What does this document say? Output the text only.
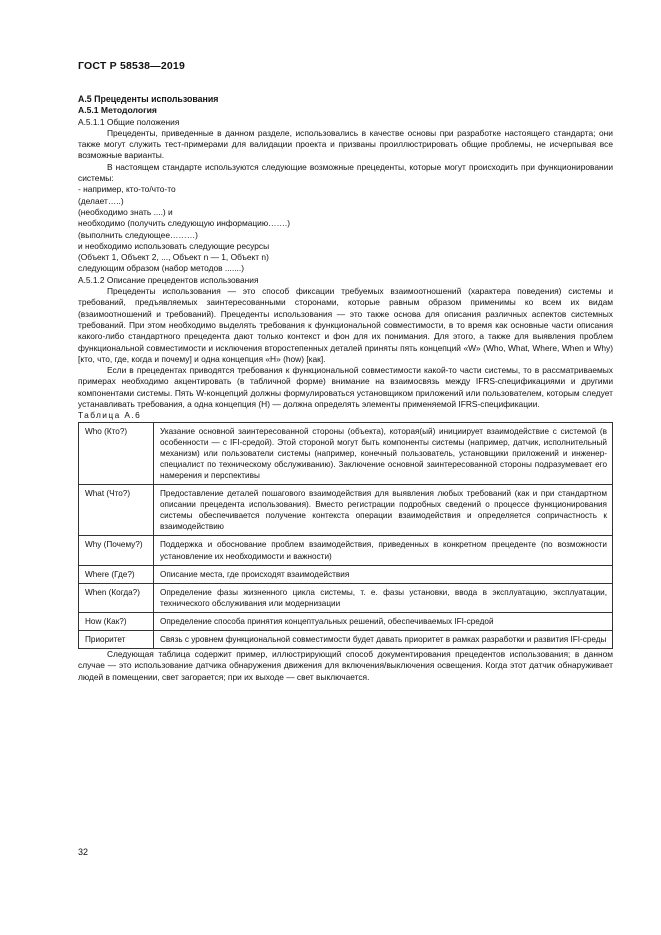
ГОСТ Р 58538—2019

А.5 Прецеденты использования

А.5.1 Методология

А.5.1.1 Общие положения

Прецеденты, приведенные в данном разделе, использовались в качестве основы при разработке настоящего стандарта; они также могут служить тест-примерами для валидации проекта и призваны проиллюстрировать общие проблемы, не исчерпывая все возможные варианты.

В настоящем стандарте используются следующие возможные прецеденты, которые могут происходить при функционировании системы:

- например, кто-то/что-то

(делает…..)

(необходимо знать ....) и

необходимо (получить следующую информацию…….)

(выполнить следующее………)

и необходимо использовать следующие ресурсы

(Объект 1, Объект 2, ..., Объект n — 1, Объект n)

следующим образом (набор методов .......)

А.5.1.2 Описание прецедентов использования

Прецеденты использования — это способ фиксации требуемых взаимоотношений (характера поведения) системы и требований, предъявляемых заинтересованными сторонами, которые равным образом применимы ко всем их видам (взаимоотношений и требований). Прецеденты использования — это также основа для описания различных аспектов системных требований. При этом необходимо выделять требования к функциональной совместимости, в то время как основные части описания какого-либо стандартного прецедента дают только контекст и фон для их понимания. Для этого, а также для выявления проблем функциональной совместимости и исключения второстепенных деталей приняты пять концепций «W» (Who, What, Where, When и Why) [кто, что, где, когда и почему] и одна концепция «H» (how) [как].

Если в прецедентах приводятся требования к функциональной совместимости какой-то части системы, то в рассматриваемых примерах необходимо акцентировать (в табличной форме) внимание на взаимосвязь между IFRS-спецификациями и другими компонентами системы. Пять W-концепций должны формулироваться установщиком приложений или пользователем, которым следует устанавливать требования, а одна концепция (H) — должна определять элементы применяемой IFRS-спецификации.

Таблица А.6

Who (Кто?)	Указание основной заинтересованной стороны (объекта), которая(ый) инициирует взаимодействие с системой (в особенности — с IFI-средой). Этой стороной могут быть компоненты системы (например, датчик, исполнительный механизм) или пользователи системы (например, конечный пользователь, установщики приложений и инженер-специалист по техническому обслуживанию). Заключение основной заинтересованной стороны подразумевает его намерения и перспективы
What (Что?)	Предоставление деталей пошагового взаимодействия для выявления любых требований (как и при стандартном описании прецедента использования). Вместо регистрации подробных сведений о процессе функционирования системы обеспечивается получение контекста операции взаимодействия и определяется сопричастность к взаимодействию
Why (Почему?)	Поддержка и обоснование проблем взаимодействия, приведенных в конкретном прецеденте (по возможности установление их необходимости и важности)
Where (Где?)	Описание места, где происходят взаимодействия
When (Когда?)	Определение фазы жизненного цикла системы, т. е. фазы установки, ввода в эксплуатацию, эксплуатации, технического обслуживания или модернизации
How (Как?)	Определение способа принятия концептуальных решений, обеспечиваемых IFI-средой
Приоритет	Связь с уровнем функциональной совместимости будет давать приоритет в рамках разработки и развития IFI-среды

Следующая таблица содержит пример, иллюстрирующий способ документирования прецедентов использования; в данном случае — это использование датчика обнаружения движения для включения/выключения освещения. Когда этот датчик обнаруживает людей в помещении, свет загорается; при их выходе — свет выключается.

32
